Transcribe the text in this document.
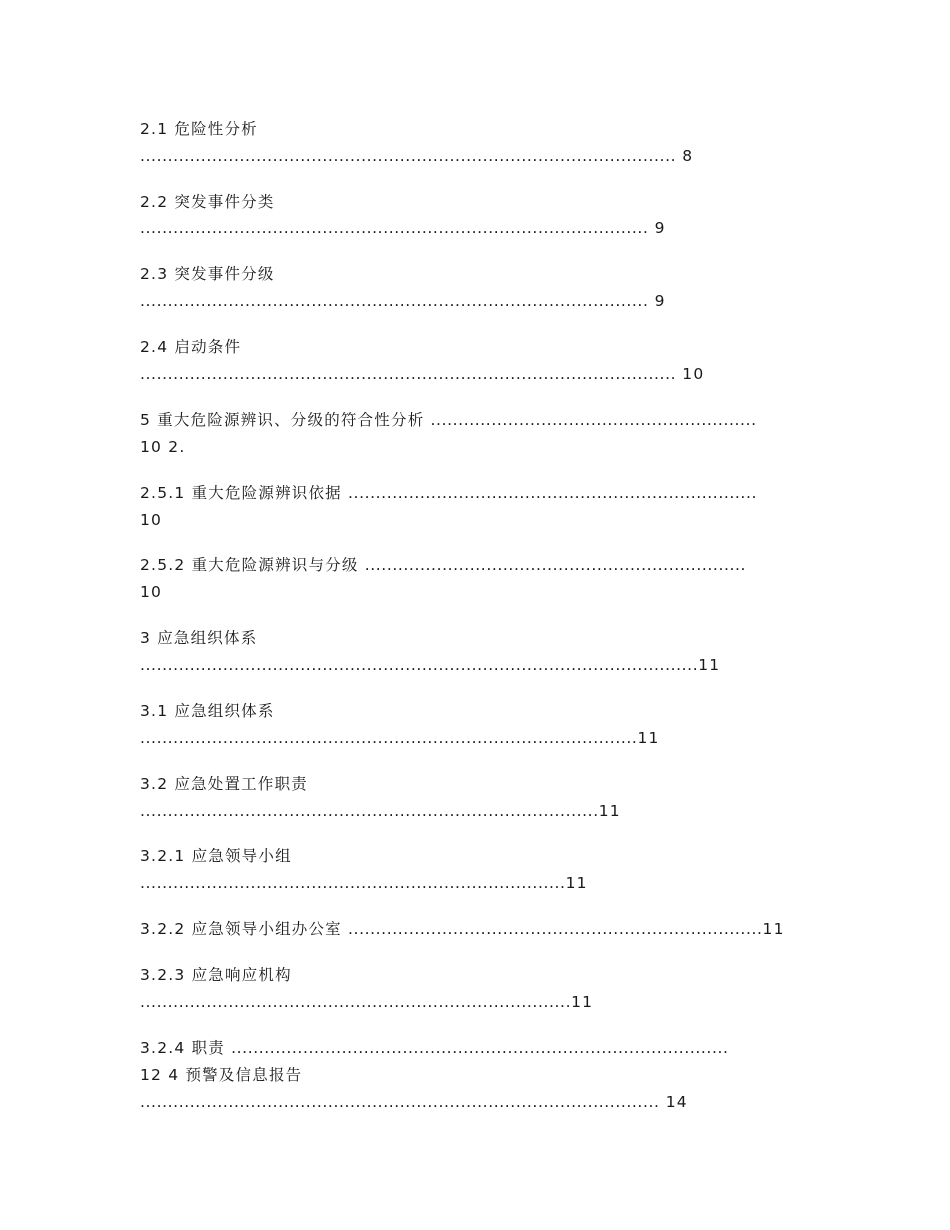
2.1 危险性分析
................................................................................................. 8
2.2 突发事件分类
............................................................................................ 9
2.3 突发事件分级
............................................................................................ 9
2.4 启动条件
................................................................................................. 10
5 重大危险源辨识、分级的符合性分析 ...........................................................
10 2.
2.5.1 重大危险源辨识依据 ..........................................................................
10
2.5.2 重大危险源辨识与分级 .....................................................................
10
3 应急组织体系
.....................................................................................................11
3.1 应急组织体系
..........................................................................................11
3.2 应急处置工作职责
...................................................................................11
3.2.1 应急领导小组
.............................................................................11
3.2.2 应急领导小组办公室 ...........................................................................11
3.2.3 应急响应机构
..............................................................................11
3.2.4 职责 ..........................................................................................
12 4 预警及信息报告
.............................................................................................. 14
